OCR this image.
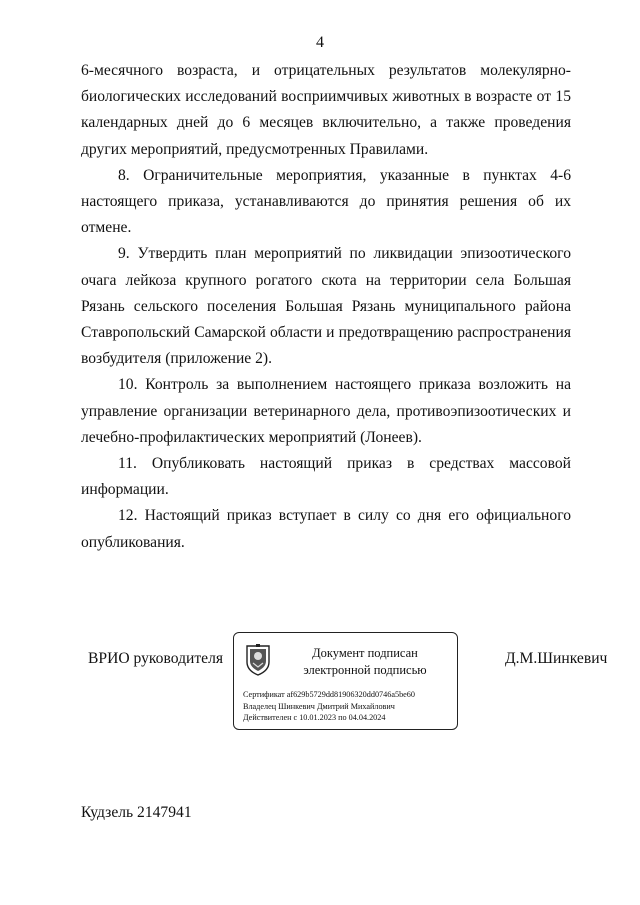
4

6-месячного возраста, и отрицательных результатов молекулярно-биологических исследований восприимчивых животных в возрасте от 15 календарных дней до 6 месяцев включительно, а также проведения других мероприятий, предусмотренных Правилами.

8. Ограничительные мероприятия, указанные в пунктах 4-6 настоящего приказа, устанавливаются до принятия решения об их отмене.

9. Утвердить план мероприятий по ликвидации эпизоотического очага лейкоза крупного рогатого скота на территории села Большая Рязань сельского поселения Большая Рязань муниципального района Ставропольский Самарской области и предотвращению распространения возбудителя (приложение 2).

10. Контроль за выполнением настоящего приказа возложить на управление организации ветеринарного дела, противоэпизоотических и лечебно-профилактических мероприятий (Лонеев).

11. Опубликовать настоящий приказ в средствах массовой информации.

12. Настоящий приказ вступает в силу со дня его официального опубликования.

ВРИО руководителя	Документ подписан
электронной подписью
Сертификат af629b5729dd81906320dd0746a5be60
Владелец Шинкевич Дмитрий Михайлович
Действителен с 10.01.2023 по 04.04.2024
Д.М.Шинкевич
Кудзель 2147941
